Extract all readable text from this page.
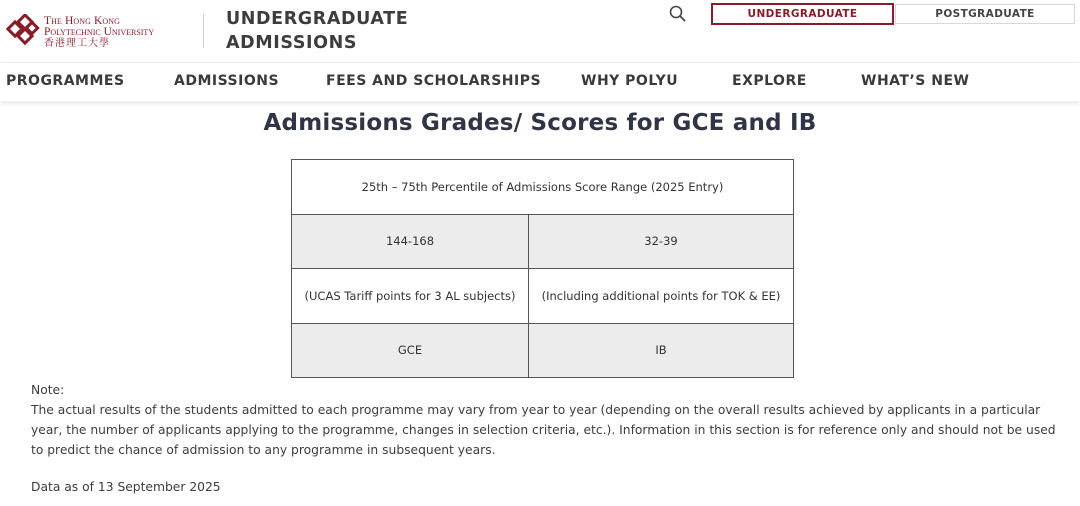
The Hong Kong
Polytechnic University
香港理工大學
UNDERGRADUATE
ADMISSIONS
UNDERGRADUATE	POSTGRADUATE
PROGRAMMES	ADMISSIONS	FEES AND SCHOLARSHIPS	WHY POLYU	EXPLORE	WHAT’S NEW
Admissions Grades/ Scores for GCE and IB
25th – 75th Percentile of Admissions Score Range (2025 Entry)	
144-168	32-39
(UCAS Tariff points for 3 AL subjects)	(Including additional points for TOK & EE)
GCE	IB

Note:

The actual results of the students admitted to each programme may vary from year to year (depending on the overall results achieved by applicants in a particular year, the number of applicants applying to the programme, changes in selection criteria, etc.). Information in this section is for reference only and should not be used to predict the chance of admission to any programme in subsequent years.

Data as of 13 September 2025
